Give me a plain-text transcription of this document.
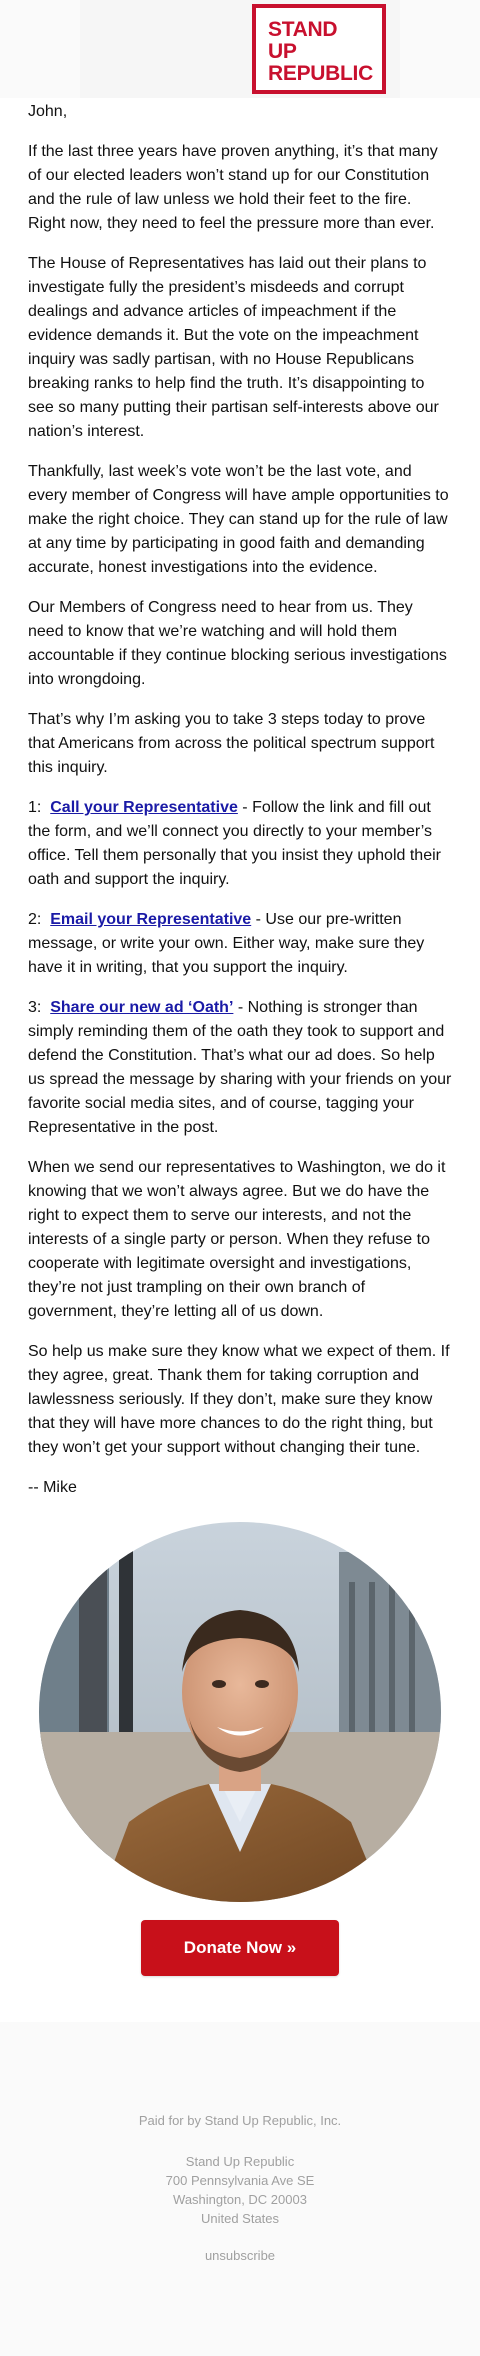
STAND
UP
REPUBLIC

John,

If the last three years have proven anything, it’s that many of our elected leaders won’t stand up for our Constitution and the rule of law unless we hold their feet to the fire. Right now, they need to feel the pressure more than ever.

The House of Representatives has laid out their plans to investigate fully the president’s misdeeds and corrupt dealings and advance articles of impeachment if the evidence demands it. But the vote on the impeachment inquiry was sadly partisan, with no House Republicans breaking ranks to help find the truth. It’s disappointing to see so many putting their partisan self-interests above our nation’s interest.

Thankfully, last week’s vote won’t be the last vote, and every member of Congress will have ample opportunities to make the right choice. They can stand up for the rule of law at any time by participating in good faith and demanding accurate, honest investigations into the evidence.

Our Members of Congress need to hear from us. They need to know that we’re watching and will hold them accountable if they continue blocking serious investigations into wrongdoing.

That’s why I’m asking you to take 3 steps today to prove that Americans from across the political spectrum support this inquiry.

1: Call your Representative - Follow the link and fill out the form, and we’ll connect you directly to your member’s office. Tell them personally that you insist they uphold their oath and support the inquiry.

2: Email your Representative - Use our pre-written message, or write your own. Either way, make sure they have it in writing, that you support the inquiry.

3: Share our new ad ‘Oath’ - Nothing is stronger than simply reminding them of the oath they took to support and defend the Constitution. That’s what our ad does. So help us spread the message by sharing with your friends on your favorite social media sites, and of course, tagging your Representative in the post.

When we send our representatives to Washington, we do it knowing that we won’t always agree. But we do have the right to expect them to serve our interests, and not the interests of a single party or person. When they refuse to cooperate with legitimate oversight and investigations, they’re not just trampling on their own branch of government, they’re letting all of us down.

So help us make sure they know what we expect of them. If they agree, great. Thank them for taking corruption and lawlessness seriously. If they don’t, make sure they know that they will have more chances to do the right thing, but they won’t get your support without changing their tune.

-- Mike

Donate Now »
Paid for by Stand Up Republic, Inc.
Stand Up Republic
700 Pennsylvania Ave SE
Washington, DC 20003
United States
unsubscribe
